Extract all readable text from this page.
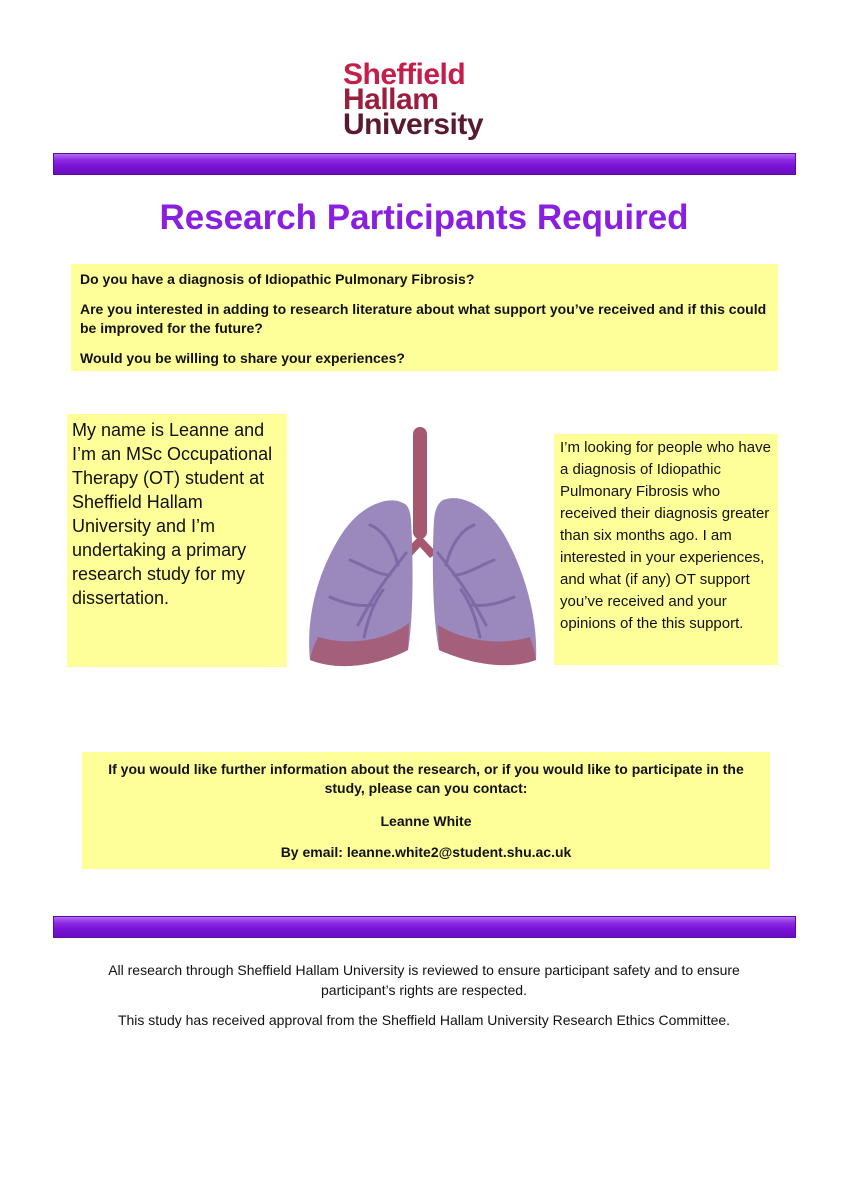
Sheffield
Hallam
University
Research Participants Required

Do you have a diagnosis of Idiopathic Pulmonary Fibrosis?

Are you interested in adding to research literature about what support you’ve received and if this could be improved for the future?

Would you be willing to share your experiences?

My name is Leanne and I’m an MSc Occupational Therapy (OT) student at Sheffield Hallam University and I’m undertaking a primary research study for my dissertation.
I’m looking for people who have a diagnosis of Idiopathic Pulmonary Fibrosis who received their diagnosis greater than six months ago. I am interested in your experiences, and what (if any) OT support you’ve received and your opinions of the this support.

If you would like further information about the research, or if you would like to participate in the study, please can you contact:

Leanne White

By email: leanne.white2@student.shu.ac.uk

All research through Sheffield Hallam University is reviewed to ensure participant safety and to ensure participant’s rights are respected.

This study has received approval from the Sheffield Hallam University Research Ethics Committee.
